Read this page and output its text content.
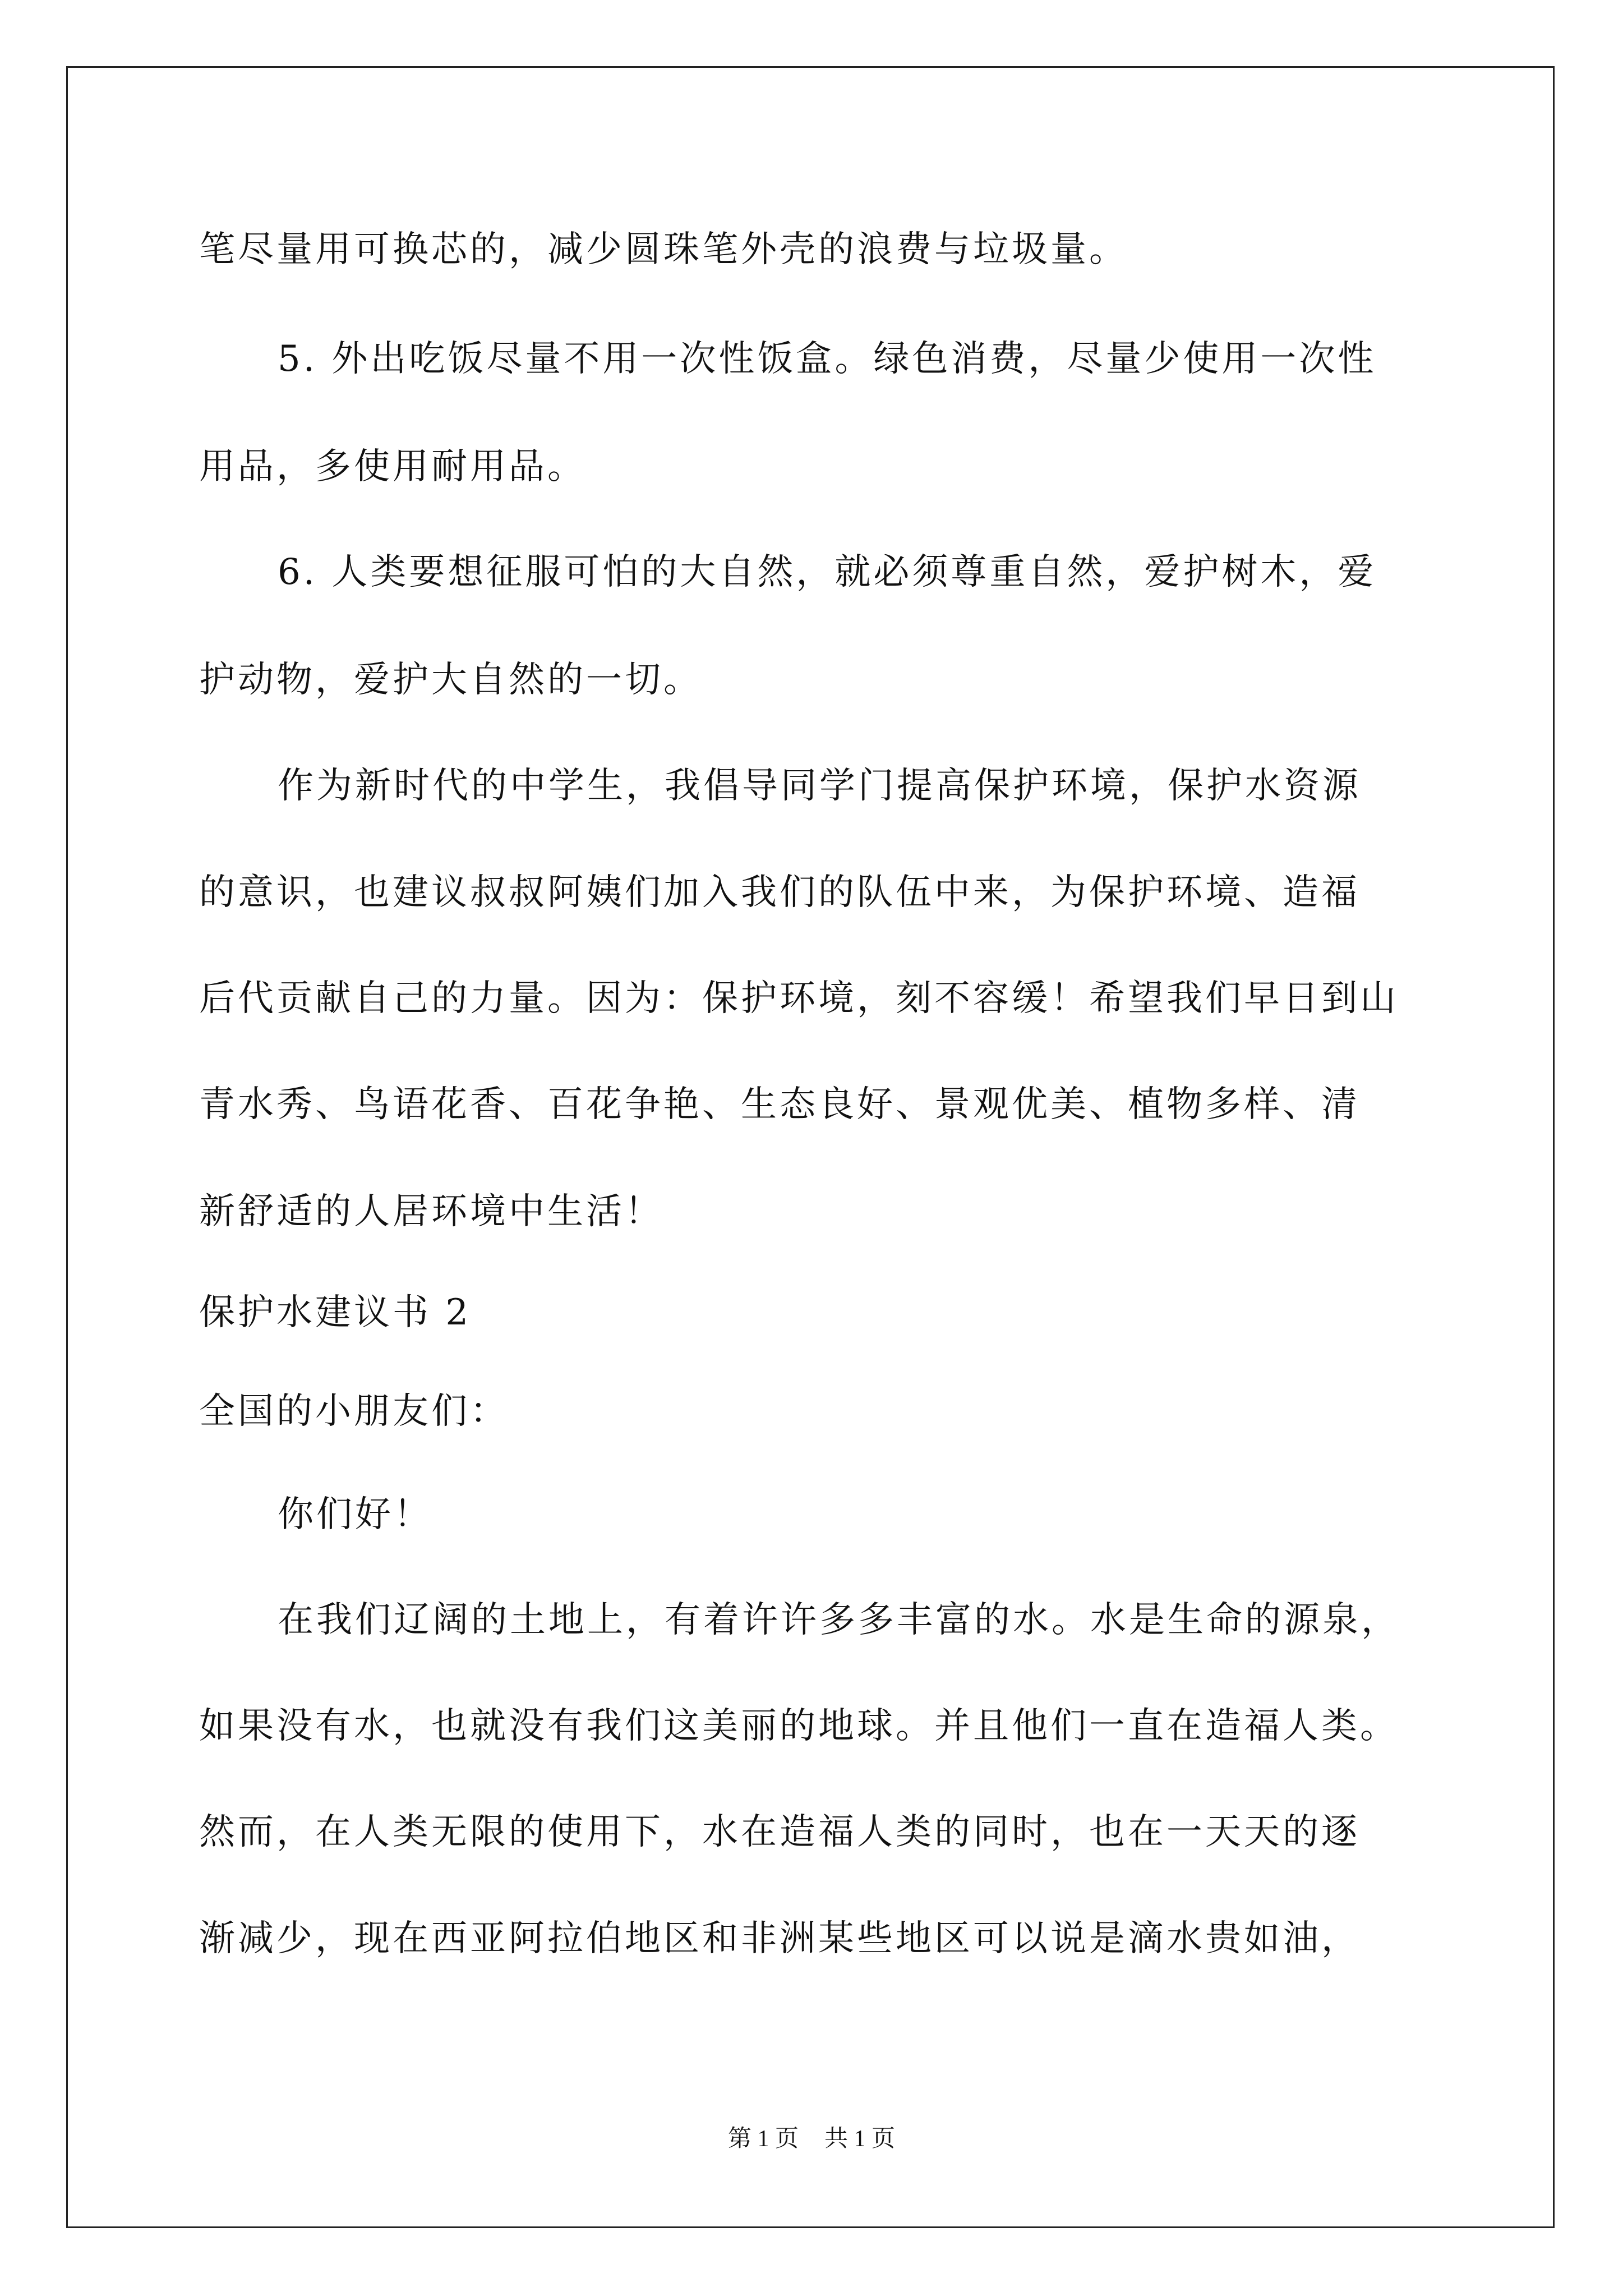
笔尽量用可换芯的，减少圆珠笔外壳的浪费与垃圾量。

5. 外出吃饭尽量不用一次性饭盒。绿色消费，尽量少使用一次性

用品，多使用耐用品。

6. 人类要想征服可怕的大自然，就必须尊重自然，爱护树木，爱

护动物，爱护大自然的一切。

作为新时代的中学生，我倡导同学门提高保护环境，保护水资源

的意识，也建议叔叔阿姨们加入我们的队伍中来，为保护环境、造福

后代贡献自己的力量。因为：保护环境，刻不容缓！希望我们早日到山

青水秀、鸟语花香、百花争艳、生态良好、景观优美、植物多样、清

新舒适的人居环境中生活！

保护水建议书 2

全国的小朋友们：

你们好！

在我们辽阔的土地上，有着许许多多丰富的水。水是生命的源泉，

如果没有水，也就没有我们这美丽的地球。并且他们一直在造福人类。

然而，在人类无限的使用下，水在造福人类的同时，也在一天天的逐

渐减少，现在西亚阿拉伯地区和非洲某些地区可以说是滴水贵如油，

第 1 页 共 1 页
